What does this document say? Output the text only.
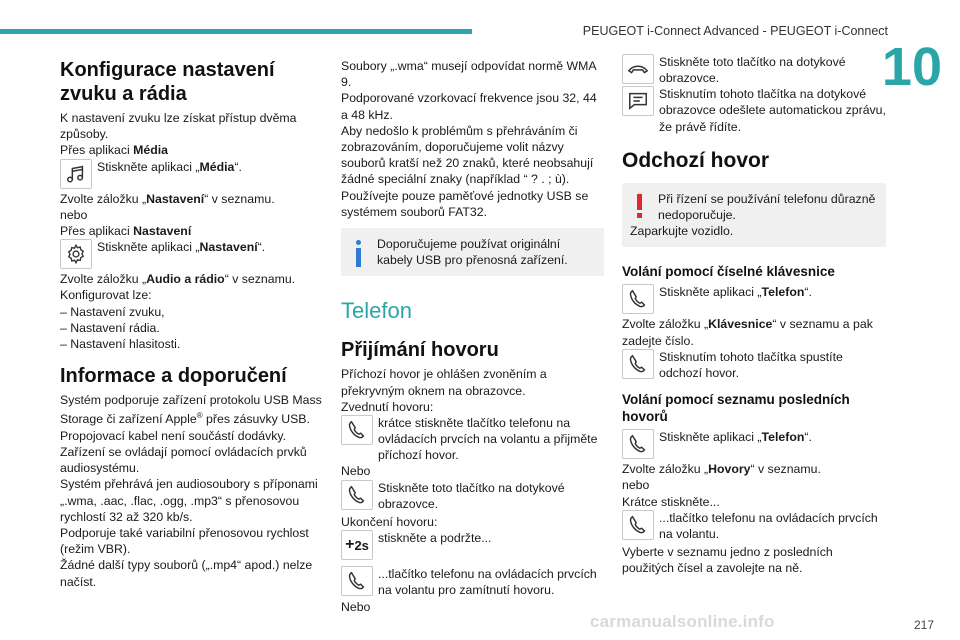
PEUGEOT i-Connect Advanced - PEUGEOT i-Connect
10
Konfigurace nastavení zvuku a rádia

K nastavení zvuku lze získat přístup dvěma způsoby.

Přes aplikaci Média

Stiskněte aplikaci „Média“.

Zvolte záložku „Nastavení“ v seznamu.

nebo

Přes aplikaci Nastavení

Stiskněte aplikaci „Nastavení“.

Zvolte záložku „Audio a rádio“ v seznamu.

Konfigurovat lze:

– Nastavení zvuku,

– Nastavení rádia.

– Nastavení hlasitosti.

Informace a doporučení

Systém podporuje zařízení protokolu USB Mass Storage či zařízení Apple® přes zásuvky USB. Propojovací kabel není součástí dodávky.

Zařízení se ovládají pomocí ovládacích prvků audiosystému.

Systém přehrává jen audiosoubory s příponami „.wma, .aac, .flac, .ogg, .mp3“ s přenosovou rychlostí 32 až 320 kb/s.

Podporuje také variabilní přenosovou rychlost (režim VBR).

Žádné další typy souborů („.mp4“ apod.) nelze načíst.

Soubory „.wma“ musejí odpovídat normě WMA 9.

Podporované vzorkovací frekvence jsou 32, 44 a 48 kHz.

Aby nedošlo k problémům s přehráváním či zobrazováním, doporučujeme volit názvy souborů kratší než 20 znaků, které neobsahují žádné speciální znaky (například “ ? . ; ù).

Používejte pouze paměťové jednotky USB se systémem souborů FAT32.

Doporučujeme používat originální kabely USB pro přenosná zařízení.

Telefon
Přijímání hovoru

Příchozí hovor je ohlášen zvoněním a překryvným oknem na obrazovce.

Zvednutí hovoru:

krátce stiskněte tlačítko telefonu na

ovládacích prvcích na volantu a přijměte příchozí hovor.

Nebo

Stiskněte toto tlačítko na dotykové obrazovce.

Ukončení hovoru:

+ 2s stiskněte a podržte...
...tlačítko telefonu na ovládacích prvcích na volantu pro zamítnutí hovoru.

Nebo

Stiskněte toto tlačítko na dotykové obrazovce.
Stisknutím tohoto tlačítka na dotykové

obrazovce odešlete automatickou zprávu, že právě řídíte.

Odchozí hovor

Při řízení se používání telefonu důrazně nedoporučuje.

Zaparkujte vozidlo.

Volání pomocí číselné klávesnice
Stiskněte aplikaci „Telefon“.

Zvolte záložku „Klávesnice“ v seznamu a pak zadejte číslo.

Stisknutím tohoto tlačítka spustíte odchozí hovor.
Volání pomocí seznamu posledních hovorů
Stiskněte aplikaci „Telefon“.

Zvolte záložku „Hovory“ v seznamu.

nebo

Krátce stiskněte...

...tlačítko telefonu na ovládacích prvcích na volantu.

Vyberte v seznamu jedno z posledních použitých čísel a zavolejte na ně.

carmanualsonline.info	217
